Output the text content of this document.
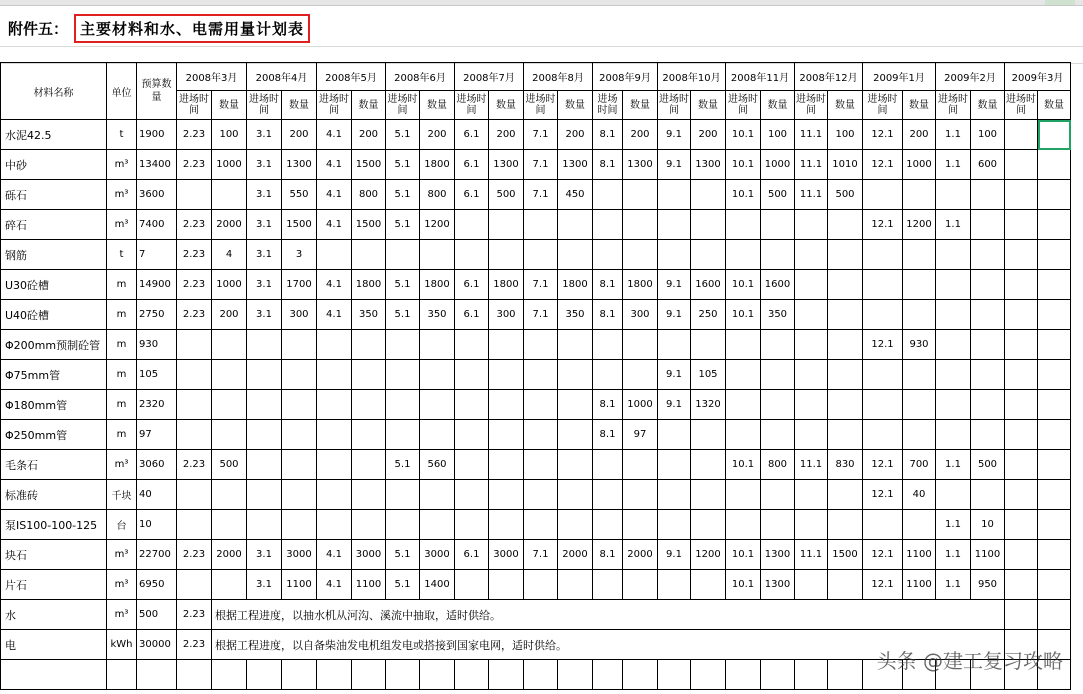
附件五： 主要材料和水、电需用量计划表
材料名称	单位	预算数量	2008年3月		2008年4月		2008年5月		2008年6月		2008年7月		2008年8月		2008年9月		2008年10月		2008年11月		2008年12月		2009年1月		2009年2月		2009年3月	
			进场时间	数量	进场时间	数量	进场时间	数量	进场时间	数量	进场时间	数量	进场时间	数量	进场时间	数量	进场时间	数量	进场时间	数量	进场时间	数量	进场时间	数量	进场时间	数量	进场时间	数量
水泥42.5	t	1900	2.23	100	3.1	200	4.1	200	5.1	200	6.1	200	7.1	200	8.1	200	9.1	200	10.1	100	11.1	100	12.1	200	1.1	100		
中砂	m³	13400	2.23	1000	3.1	1300	4.1	1500	5.1	1800	6.1	1300	7.1	1300	8.1	1300	9.1	1300	10.1	1000	11.1	1010	12.1	1000	1.1	600		
砾石	m³	3600			3.1	550	4.1	800	5.1	800	6.1	500	7.1	450					10.1	500	11.1	500						
碎石	m³	7400	2.23	2000	3.1	1500	4.1	1500	5.1	1200													12.1	1200	1.1			
钢筋	t	7	2.23	4	3.1	3																						
U30砼槽	m	14900	2.23	1000	3.1	1700	4.1	1800	5.1	1800	6.1	1800	7.1	1800	8.1	1800	9.1	1600	10.1	1600								
U40砼槽	m	2750	2.23	200	3.1	300	4.1	350	5.1	350	6.1	300	7.1	350	8.1	300	9.1	250	10.1	350								
Φ200mm预制砼管	m	930																					12.1	930				
Φ75mm管	m	105															9.1	105										
Φ180mm管	m	2320													8.1	1000	9.1	1320										
Φ250mm管	m	97													8.1	97												
毛条石	m³	3060	2.23	500					5.1	560									10.1	800	11.1	830	12.1	700	1.1	500		
标准砖	千块	40																					12.1	40				
泵IS100-100-125	台	10																							1.1	10		
块石	m³	22700	2.23	2000	3.1	3000	4.1	3000	5.1	3000	6.1	3000	7.1	2000	8.1	2000	9.1	1200	10.1	1300	11.1	1500	12.1	1100	1.1	1100		
片石	m³	6950			3.1	1100	4.1	1100	5.1	1400									10.1	1300			12.1	1100	1.1	950		
水	m³	500	2.23	根据工程进度，以抽水机从河沟、溪流中抽取，适时供给。																								
电	kWh	30000	2.23	根据工程进度，以自备柴油发电机组发电或搭接到国家电网，适时供给。																								

头条 @建工复习攻略
